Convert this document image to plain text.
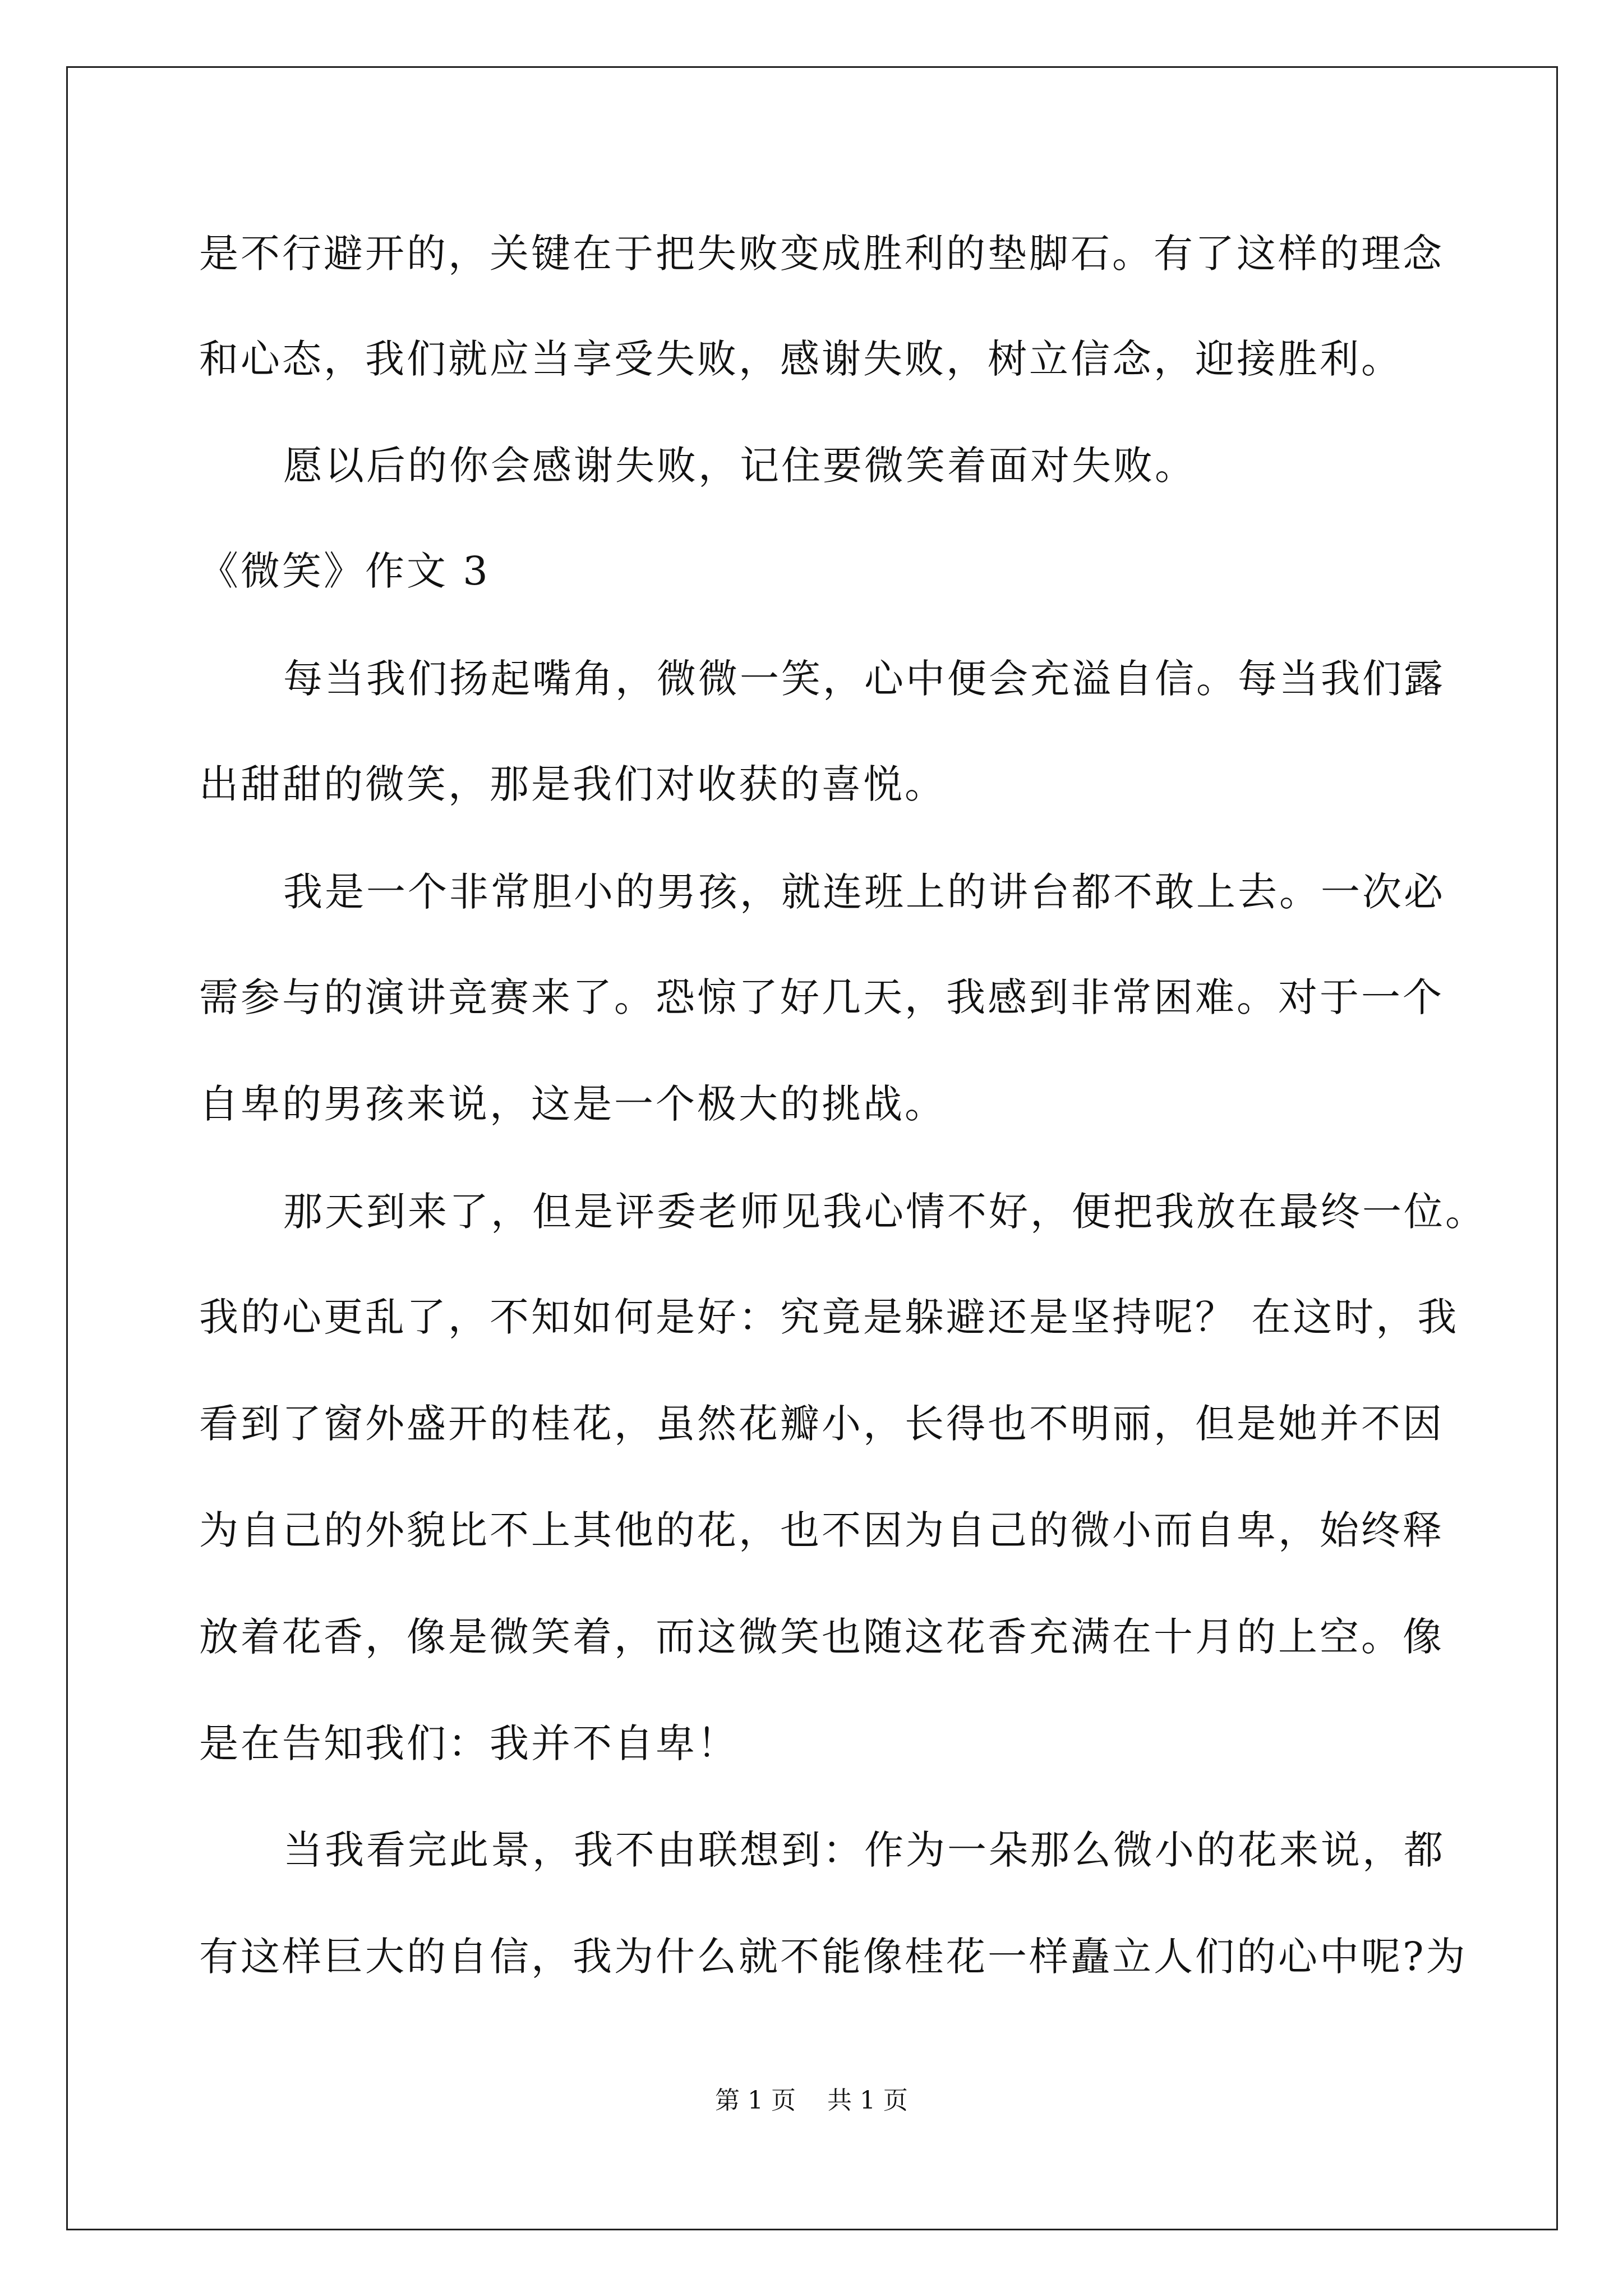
是不行避开的，关键在于把失败变成胜利的垫脚石。有了这样的理念
和心态，我们就应当享受失败，感谢失败，树立信念，迎接胜利。
愿以后的你会感谢失败，记住要微笑着面对失败。
《微笑》作文 3
每当我们扬起嘴角，微微一笑，心中便会充溢自信。每当我们露
出甜甜的微笑，那是我们对收获的喜悦。
我是一个非常胆小的男孩，就连班上的讲台都不敢上去。一次必
需参与的演讲竞赛来了。恐惊了好几天，我感到非常困难。对于一个
自卑的男孩来说，这是一个极大的挑战。
那天到来了，但是评委老师见我心情不好，便把我放在最终一位。
我的心更乱了，不知如何是好：究竟是躲避还是坚持呢？ 在这时，我
看到了窗外盛开的桂花，虽然花瓣小，长得也不明丽，但是她并不因
为自己的外貌比不上其他的花，也不因为自己的微小而自卑，始终释
放着花香，像是微笑着，而这微笑也随这花香充满在十月的上空。像
是在告知我们：我并不自卑！
当我看完此景，我不由联想到：作为一朵那么微小的花来说，都
有这样巨大的自信，我为什么就不能像桂花一样矗立人们的心中呢?为
第 1 页    共 1 页
